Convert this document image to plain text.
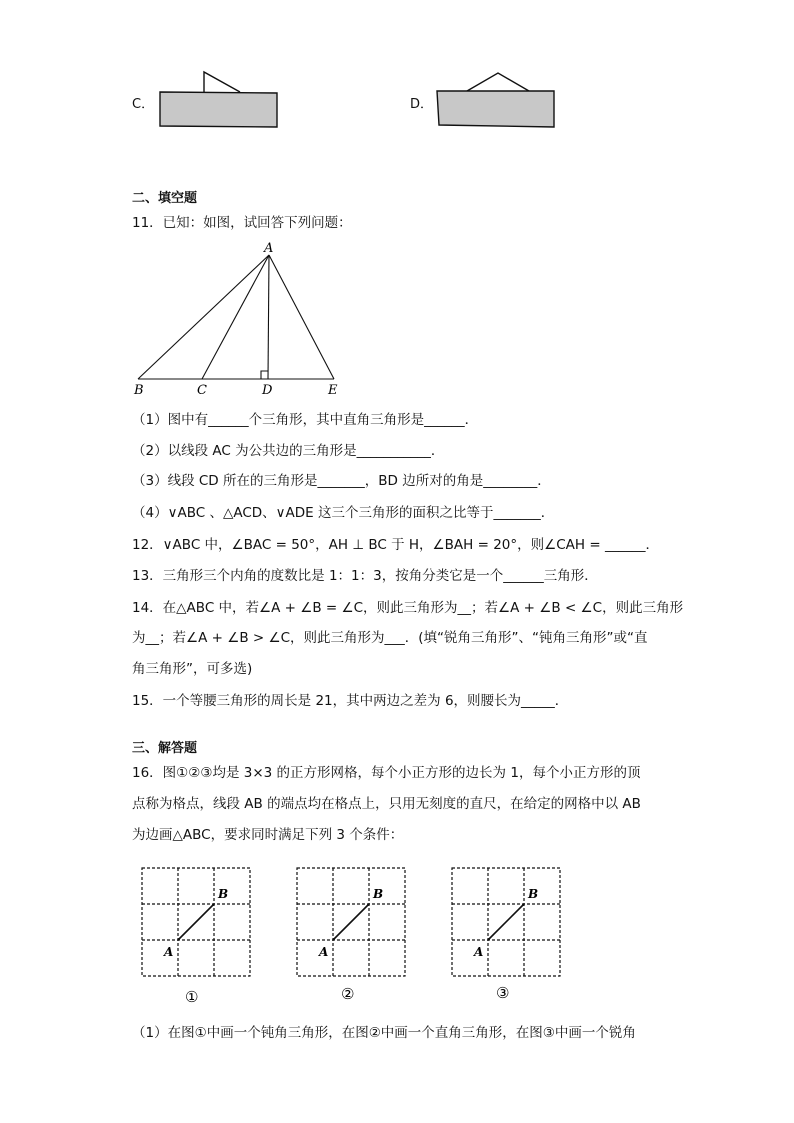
C．	D．
二、填空题
11．已知：如图，试回答下列问题：
A
B	C	D	E
（1）图中有______个三角形，其中直角三角形是______．
（2）以线段 AC 为公共边的三角形是___________．
（3）线段 CD 所在的三角形是_______，BD 边所对的角是________．
（4）∨ABC 、△ACD、∨ADE 这三个三角形的面积之比等于_______．
12．∨ABC 中，∠BAC = 50°，AH ⊥ BC 于 H，∠BAH = 20°，则∠CAH = ______．
13．三角形三个内角的度数比是 1：1：3，按角分类它是一个______三角形．
14．在△ABC 中，若∠A + ∠B = ∠C，则此三角形为__；若∠A + ∠B < ∠C，则此三角形
为__；若∠A + ∠B > ∠C，则此三角形为___．(填“锐角三角形”、“钝角三角形”或“直
角三角形”，可多选)
15．一个等腰三角形的周长是 21，其中两边之差为 6，则腰长为_____．
三、解答题
16．图①②③均是 3×3 的正方形网格，每个小正方形的边长为 1，每个小正方形的顶
点称为格点，线段 AB 的端点均在格点上，只用无刻度的直尺，在给定的网格中以 AB
为边画△ABC，要求同时满足下列 3 个条件：
B
A
①
B
A
②
B
A
③
（1）在图①中画一个钝角三角形，在图②中画一个直角三角形，在图③中画一个锐角
